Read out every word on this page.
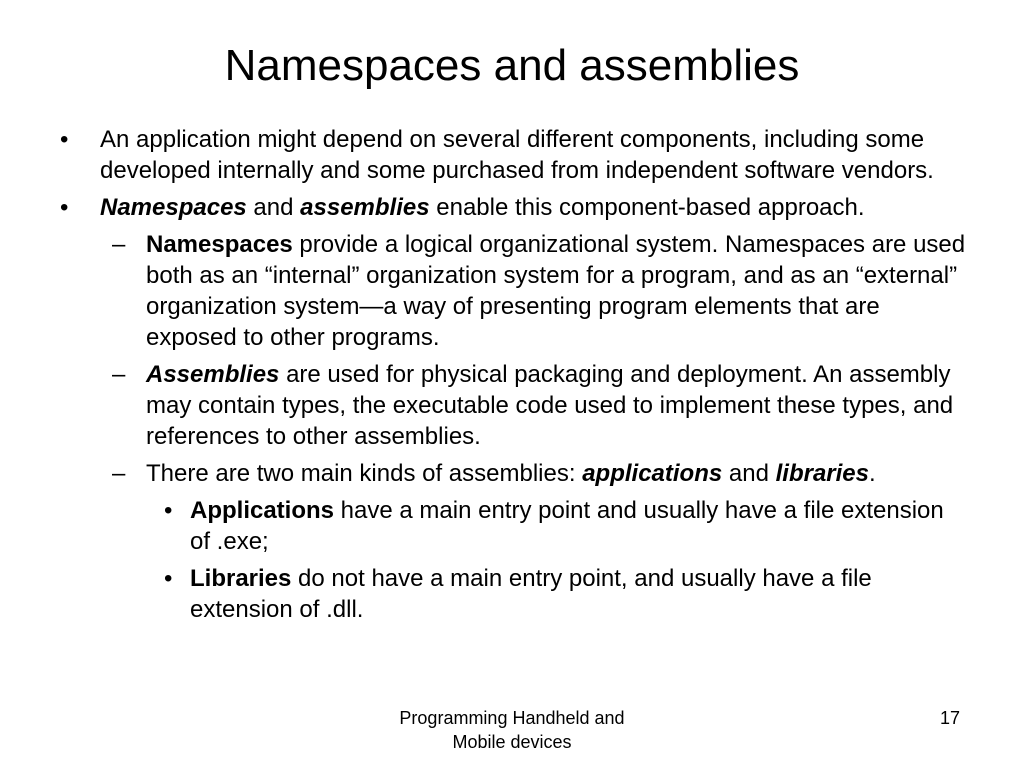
Namespaces and assemblies

• An application might depend on several different components, including some developed internally and some purchased from independent software vendors.

• Namespaces and assemblies enable this component-based approach.

– Namespaces provide a logical organizational system. Namespaces are used both as an “internal” organization system for a program, and as an “external” organization system—a way of presenting program elements that are exposed to other programs.

– Assemblies are used for physical packaging and deployment. An assembly may contain types, the executable code used to implement these types, and references to other assemblies.

– There are two main kinds of assemblies: applications and libraries.

• Applications have a main entry point and usually have a file extension of .exe;

• Libraries do not have a main entry point, and usually have a file extension of .dll.

Programming Handheld and
Mobile devices
17
